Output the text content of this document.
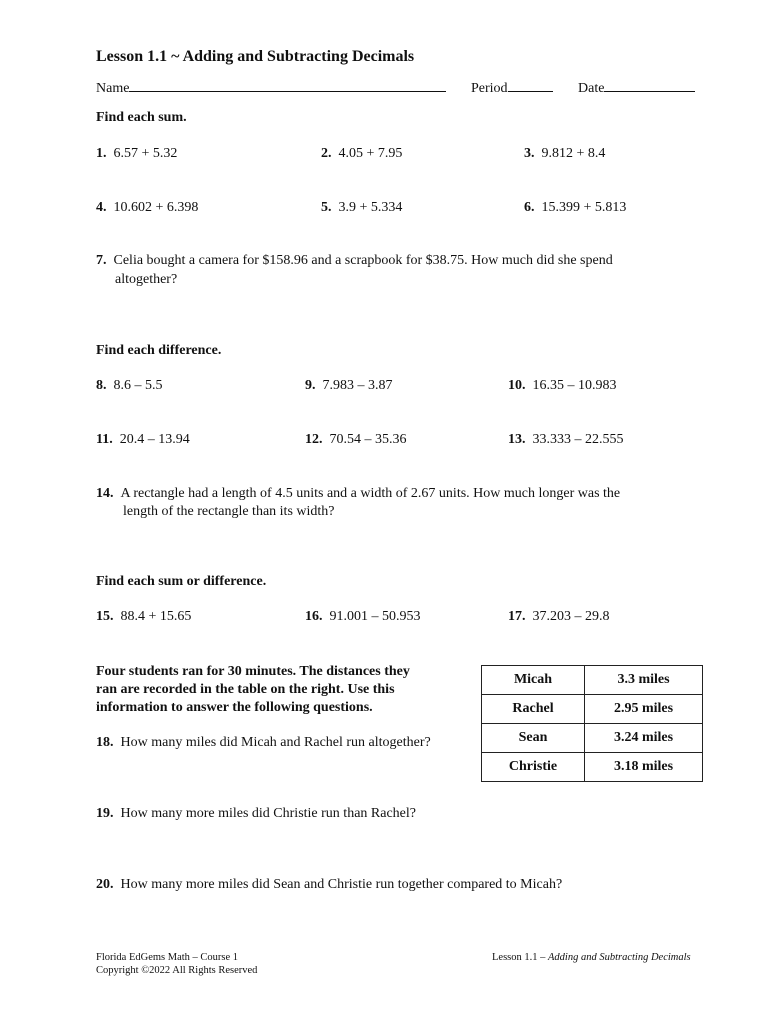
Lesson 1.1 ~ Adding and Subtracting Decimals
Name	Period	Date
Find each sum.
1. 6.57 + 5.32	2. 4.05 + 7.95	3. 9.812 + 8.4
4. 10.602 + 6.398	5. 3.9 + 5.334	6. 15.399 + 5.813
7. Celia bought a camera for $158.96 and a scrapbook for $38.75. How much did she spend
altogether?
Find each difference.
8. 8.6 – 5.5	9. 7.983 – 3.87	10. 16.35 – 10.983
11. 20.4 – 13.94	12. 70.54 – 35.36	13. 33.333 – 22.555
14. A rectangle had a length of 4.5 units and a width of 2.67 units. How much longer was the
length of the rectangle than its width?
Find each sum or difference.
15. 88.4 + 15.65	16. 91.001 – 50.953	17. 37.203 – 29.8
Four students ran for 30 minutes. The distances they
ran are recorded in the table on the right. Use this
information to answer the following questions.
Micah	3.3 miles
Rachel	2.95 miles
Sean	3.24 miles
Christie	3.18 miles
18. How many miles did Micah and Rachel run altogether?
19. How many more miles did Christie run than Rachel?
20. How many more miles did Sean and Christie run together compared to Micah?
Florida EdGems Math – Course 1
Copyright ©2022 All Rights Reserved
Lesson 1.1 – Adding and Subtracting Decimals
